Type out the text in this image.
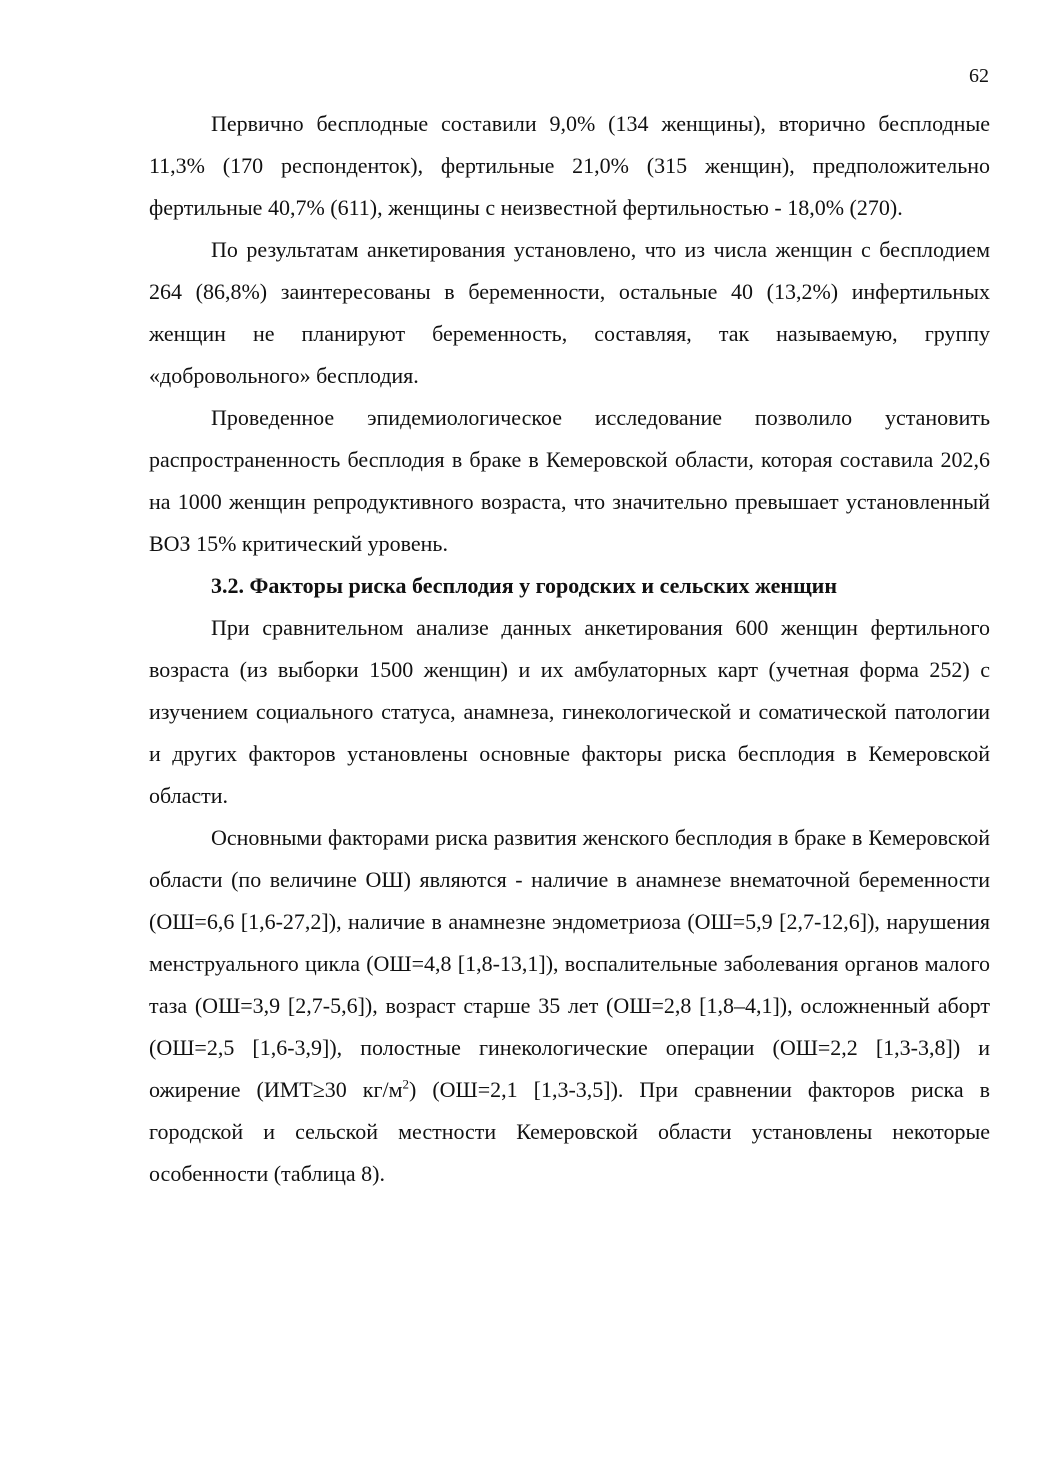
62

Первично бесплодные составили 9,0% (134 женщины), вторично бесплодные 11,3% (170 респонденток), фертильные 21,0% (315 женщин), предположительно фертильные 40,7% (611), женщины с неизвестной фертильностью - 18,0% (270).

По результатам анкетирования установлено, что из числа женщин с бесплодием 264 (86,8%) заинтересованы в беременности, остальные 40 (13,2%) инфертильных женщин не планируют беременность, составляя, так называемую, группу «добровольного» бесплодия.

Проведенное эпидемиологическое исследование позволило установить распространенность бесплодия в браке в Кемеровской области, которая составила 202,6 на 1000 женщин репродуктивного возраста, что значительно превышает установленный ВОЗ 15% критический уровень.

3.2. Факторы риска бесплодия у городских и сельских женщин

При сравнительном анализе данных анкетирования 600 женщин фертильного возраста (из выборки 1500 женщин) и их амбулаторных карт (учетная форма 252) с изучением социального статуса, анамнеза, гинекологической и соматической патологии и других факторов установлены основные факторы риска бесплодия в Кемеровской области.

Основными факторами риска развития женского бесплодия в браке в Кемеровской области (по величине ОШ) являются - наличие в анамнезе внематочной беременности (ОШ=6,6 [1,6-27,2]), наличие в анамнезне эндометриоза (ОШ=5,9 [2,7-12,6]), нарушения менструального цикла (ОШ=4,8 [1,8-13,1]), воспалительные заболевания органов малого таза (ОШ=3,9 [2,7-5,6]), возраст старше 35 лет (ОШ=2,8 [1,8–4,1]), осложненный аборт (ОШ=2,5 [1,6-3,9]), полостные гинекологические операции (ОШ=2,2 [1,3-3,8]) и ожирение (ИМТ≥30 $кг/м^2$) (ОШ=2,1 [1,3-3,5]). При сравнении факторов риска в городской и сельской местности Кемеровской области установлены некоторые особенности (таблица 8).
